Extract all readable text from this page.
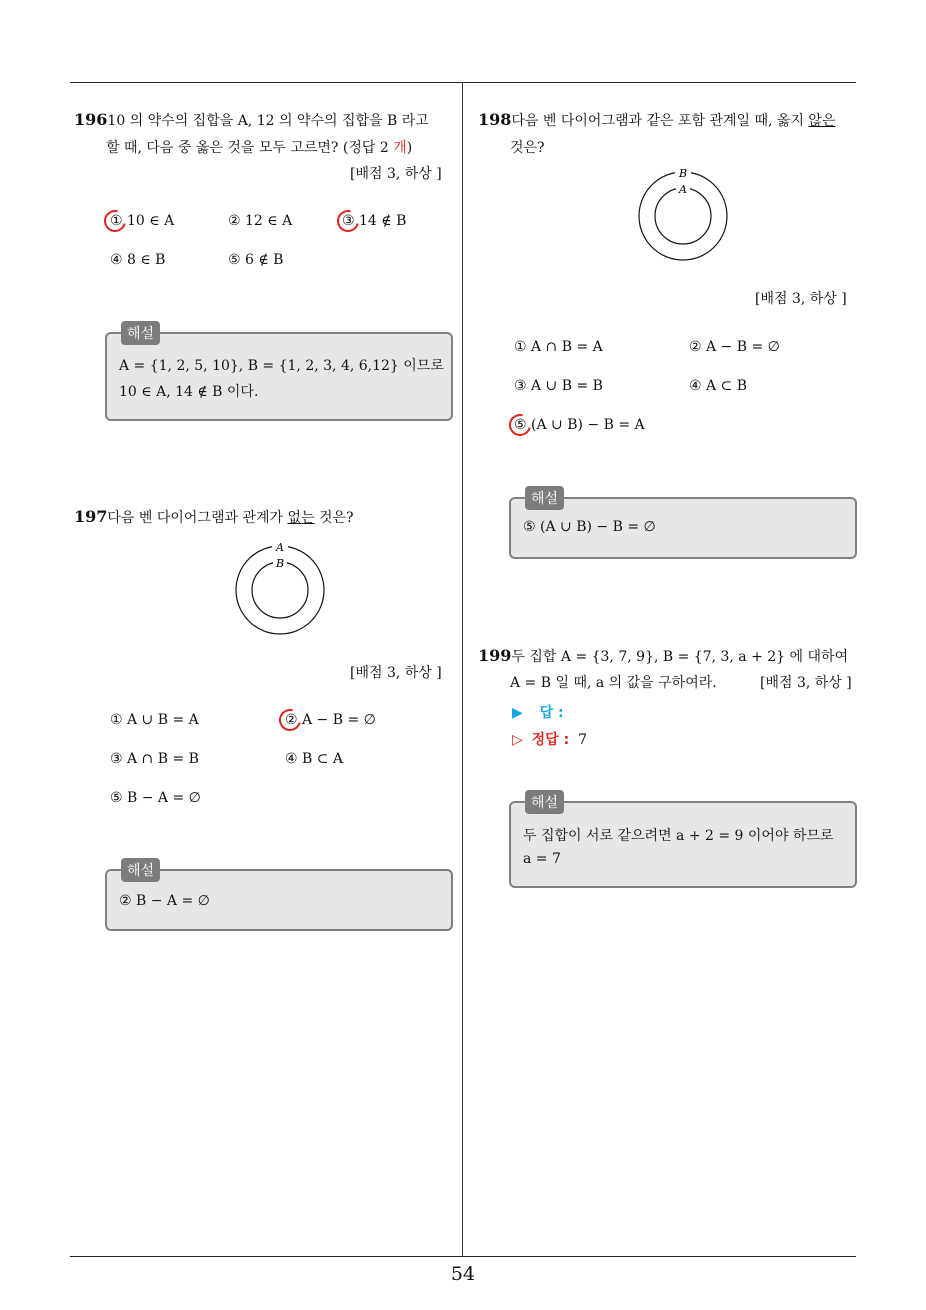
19610 의 약수의 집합을 A, 12 의 약수의 집합을 B 라고
할 때, 다음 중 옳은 것을 모두 고르면? (정답 2 개)
[배점 3, 하상 ]
① 10 ∈ A	② 12 ∈ A	③ 14 ∉ B
④ 8 ∈ B	⑤ 6 ∉ B
해설
A = {1, 2, 5, 10}, B = {1, 2, 3, 4, 6,12} 이므로
10 ∈ A, 14 ∉ B 이다.
197다음 벤 다이어그램과 관계가 없는 것은?
A
B
[배점 3, 하상 ]
① A ∪ B = A	② A − B = ∅
③ A ∩ B = B	④ B ⊂ A
⑤ B − A = ∅
해설
② B − A = ∅
198다음 벤 다이어그램과 같은 포함 관계일 때, 옳지 않은
것은?
B
A
[배점 3, 하상 ]
① A ∩ B = A	② A − B = ∅
③ A ∪ B = B	④ A ⊂ B
⑤ (A ∪ B) − B = A
해설
⑤ (A ∪ B) − B = ∅
199두 집합 A = {3, 7, 9}, B = {7, 3, a + 2} 에 대하여
A = B 일 때, a 의 값을 구하여라.	[배점 3, 하상 ]
▶ 답 :
▷ 정답 : 7
해설
두 집합이 서로 같으려면 a + 2 = 9 이어야 하므로
a = 7
54
